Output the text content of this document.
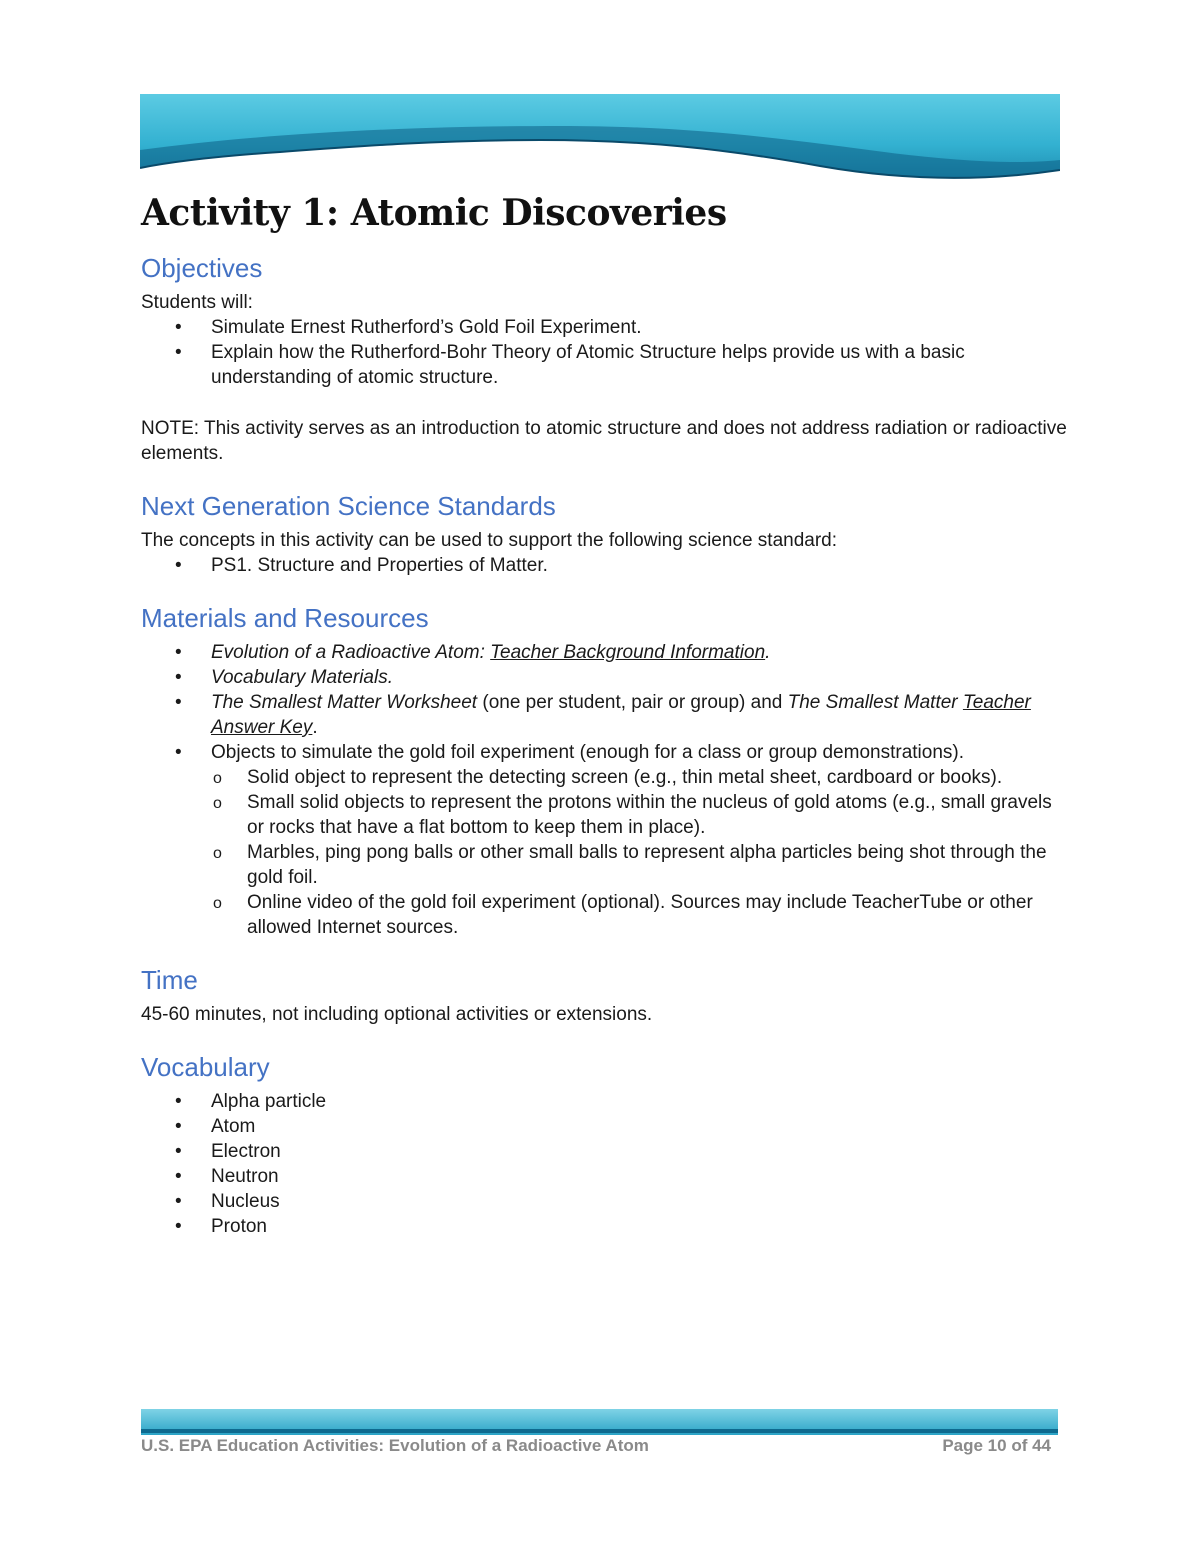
Activity 1: Atomic Discoveries
Objectives
Students will:
• Simulate Ernest Rutherford’s Gold Foil Experiment.
• Explain how the Rutherford-Bohr Theory of Atomic Structure helps provide us with a basic understanding of atomic structure.
NOTE: This activity serves as an introduction to atomic structure and does not address radiation or radioactive elements.
Next Generation Science Standards
The concepts in this activity can be used to support the following science standard:
• PS1. Structure and Properties of Matter.
Materials and Resources
• Evolution of a Radioactive Atom: Teacher Background Information.
• Vocabulary Materials.
• The Smallest Matter Worksheet (one per student, pair or group) and The Smallest Matter Teacher Answer Key.
• Objects to simulate the gold foil experiment (enough for a class or group demonstrations).
o Solid object to represent the detecting screen (e.g., thin metal sheet, cardboard or books).
o Small solid objects to represent the protons within the nucleus of gold atoms (e.g., small gravels or rocks that have a flat bottom to keep them in place).
o Marbles, ping pong balls or other small balls to represent alpha particles being shot through the gold foil.
o Online video of the gold foil experiment (optional). Sources may include TeacherTube or other allowed Internet sources.
Time
45-60 minutes, not including optional activities or extensions.
Vocabulary
• Alpha particle
• Atom
• Electron
• Neutron
• Nucleus
• Proton
U.S. EPA Education Activities: Evolution of a Radioactive Atom	Page 10 of 44
